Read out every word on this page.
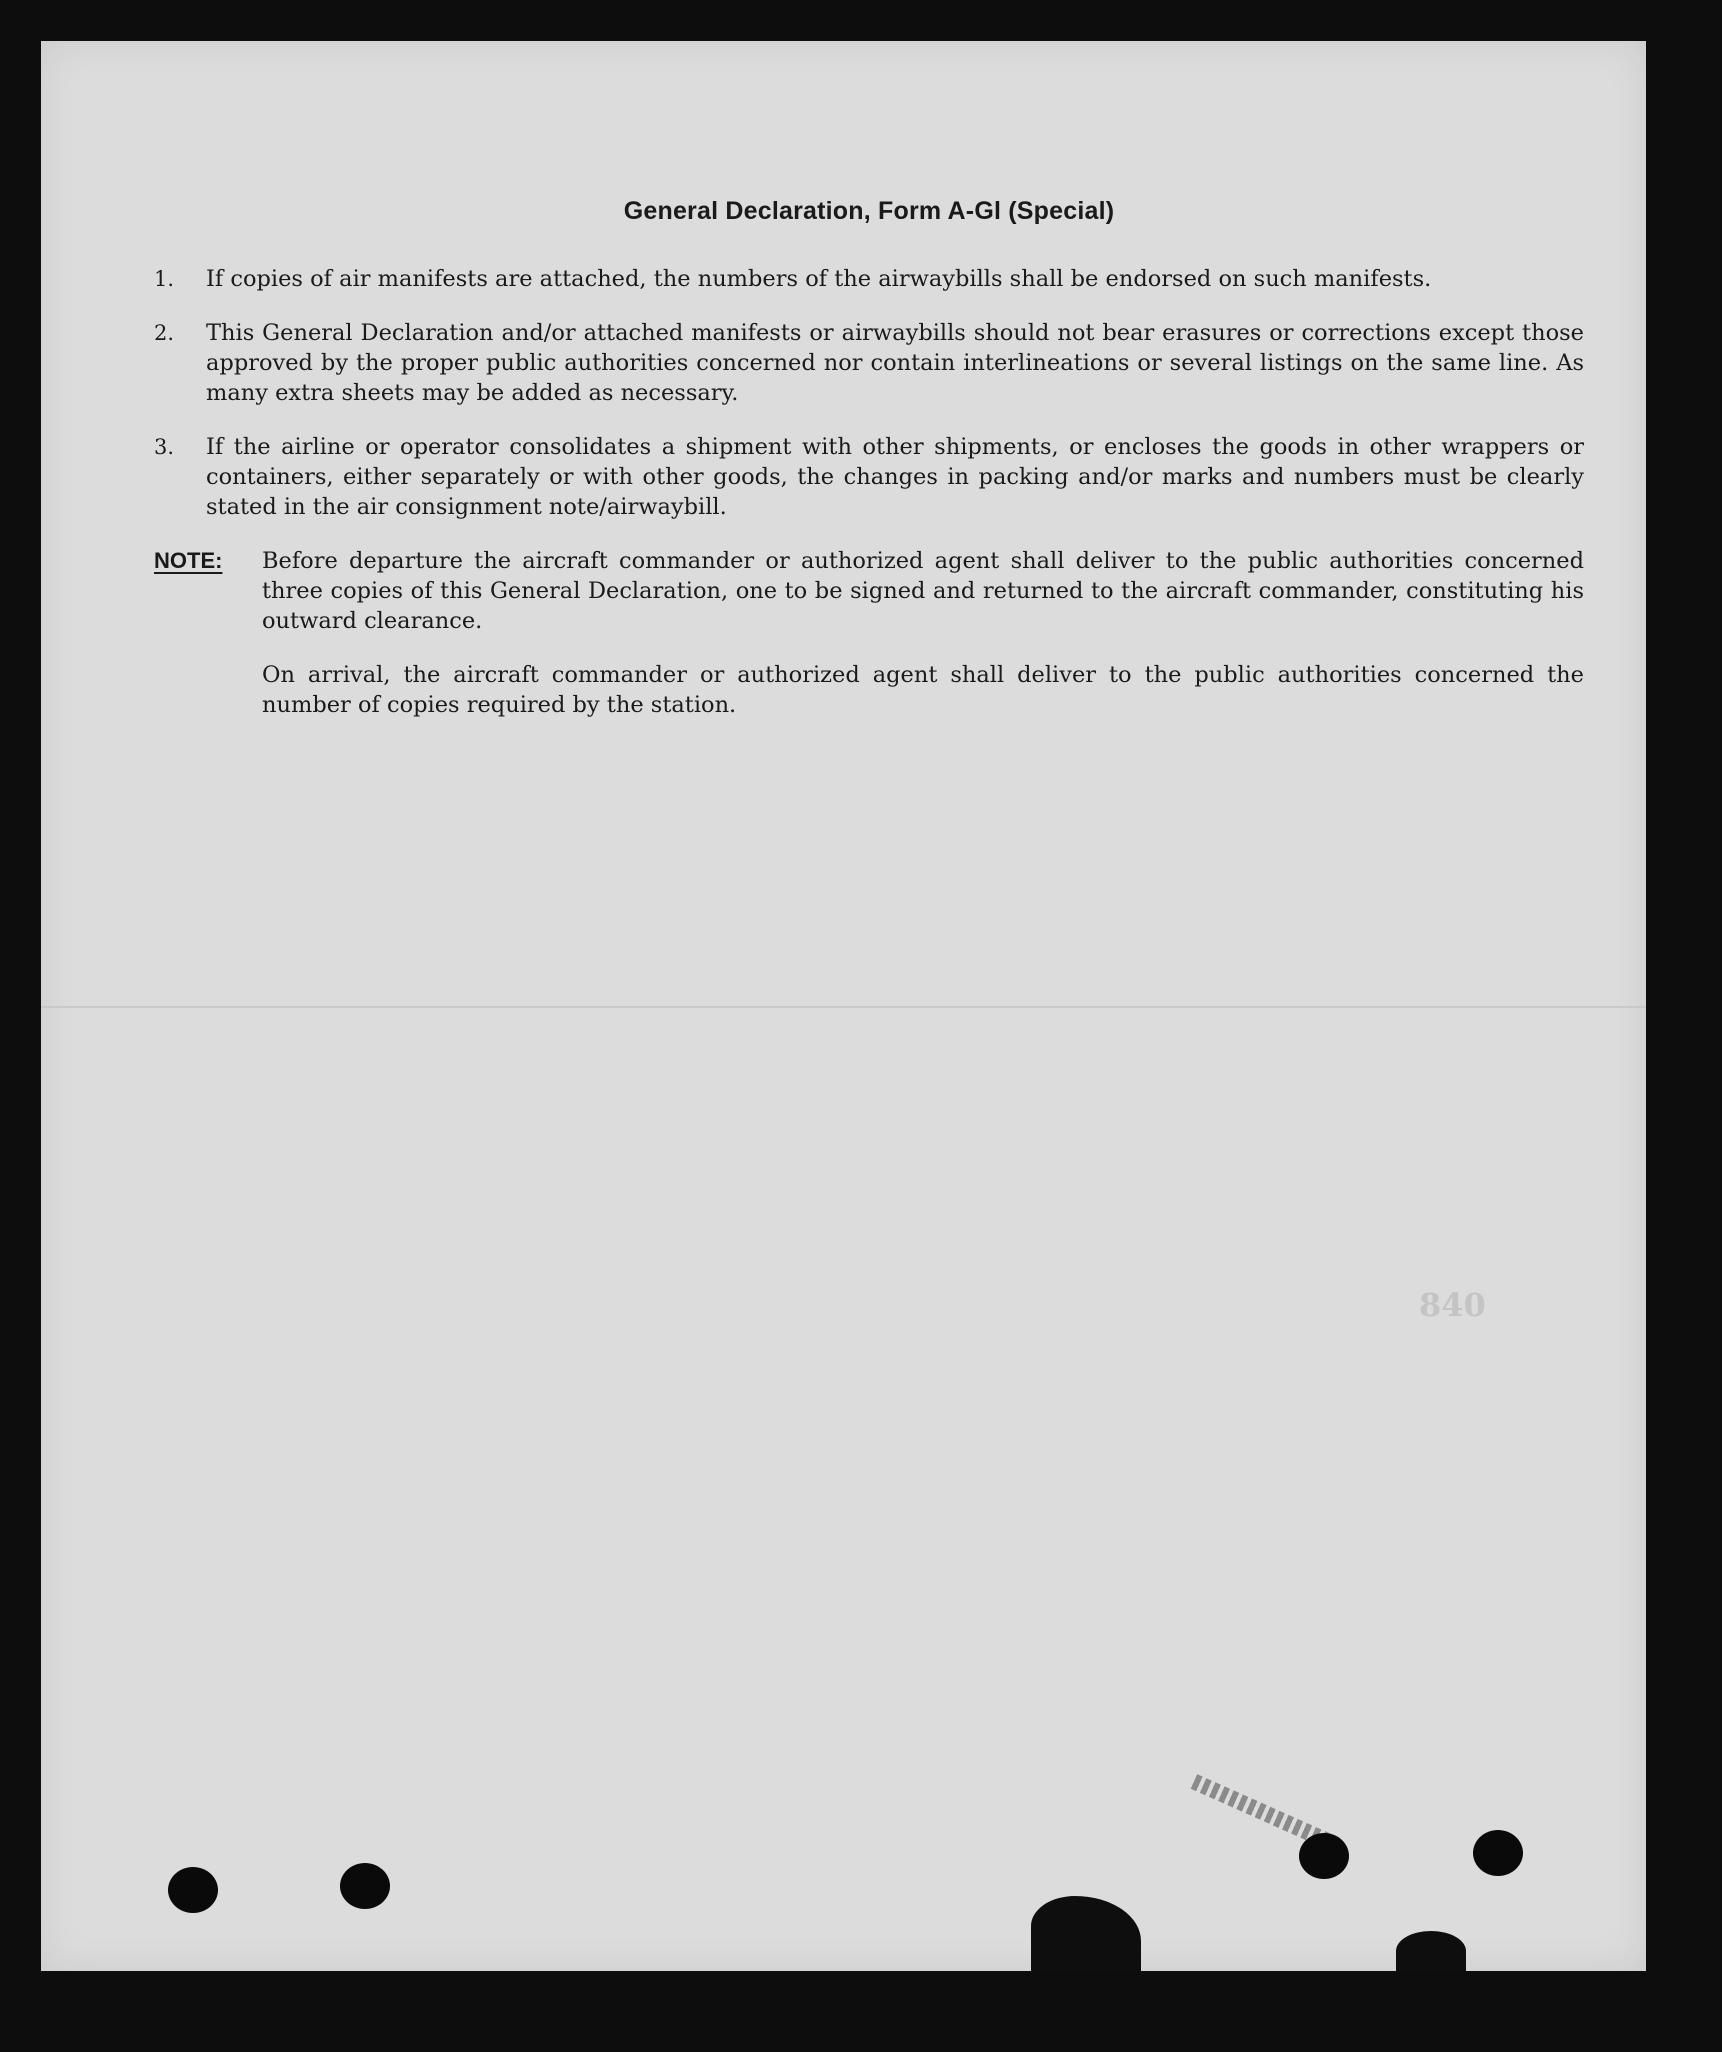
General Declaration, Form A-Gl (Special)
1. If copies of air manifests are attached, the numbers of the airwaybills shall be endorsed on such manifests.
2. This General Declaration and/or attached manifests or airwaybills should not bear erasures or corrections except those approved by the proper public authorities concerned nor contain interlineations or several listings on the same line. As many extra sheets may be added as necessary.
3. If the airline or operator consolidates a shipment with other shipments, or encloses the goods in other wrappers or containers, either separately or with other goods, the changes in packing and/or marks and numbers must be clearly stated in the air consignment note/airwaybill.
NOTE: Before departure the aircraft commander or authorized agent shall deliver to the public authorities concerned three copies of this General Declaration, one to be signed and returned to the aircraft commander, constituting his outward clearance.
On arrival, the aircraft commander or authorized agent shall deliver to the public authorities concerned the number of copies required by the station.
840
